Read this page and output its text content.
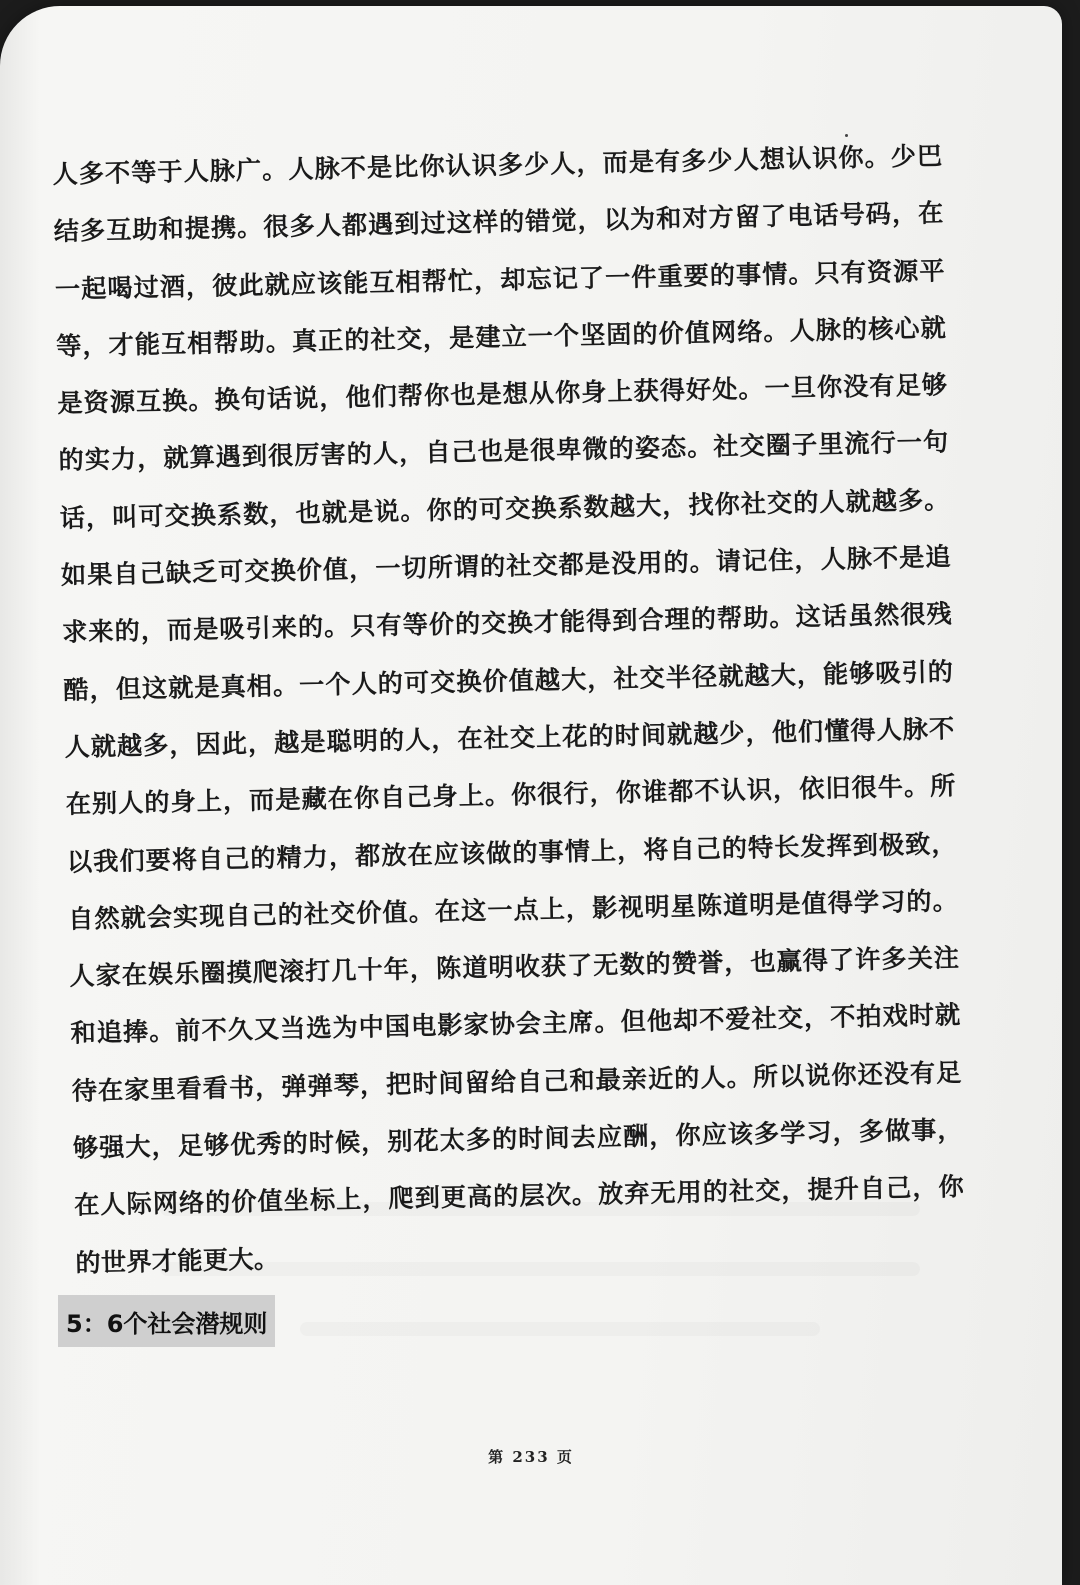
人多不等于人脉广。人脉不是比你认识多少人，而是有多少人想认识你。少巴结多互助和提携。很多人都遇到过这样的错觉，以为和对方留了电话号码，在一起喝过酒，彼此就应该能互相帮忙，却忘记了一件重要的事情。只有资源平等，才能互相帮助。真正的社交，是建立一个坚固的价值网络。人脉的核心就是资源互换。换句话说，他们帮你也是想从你身上获得好处。一旦你没有足够的实力，就算遇到很厉害的人，自己也是很卑微的姿态。社交圈子里流行一句话，叫可交换系数，也就是说。你的可交换系数越大，找你社交的人就越多。如果自己缺乏可交换价值，一切所谓的社交都是没用的。请记住，人脉不是追求来的，而是吸引来的。只有等价的交换才能得到合理的帮助。这话虽然很残酷，但这就是真相。一个人的可交换价值越大，社交半径就越大，能够吸引的人就越多，因此，越是聪明的人，在社交上花的时间就越少，他们懂得人脉不在别人的身上，而是藏在你自己身上。你很行，你谁都不认识，依旧很牛。所以我们要将自己的精力，都放在应该做的事情上，将自己的特长发挥到极致，自然就会实现自己的社交价值。在这一点上，影视明星陈道明是值得学习的。人家在娱乐圈摸爬滚打几十年，陈道明收获了无数的赞誉，也赢得了许多关注和追捧。前不久又当选为中国电影家协会主席。但他却不爱社交，不拍戏时就待在家里看看书，弹弹琴，把时间留给自己和最亲近的人。所以说你还没有足够强大，足够优秀的时候，别花太多的时间去应酬，你应该多学习，多做事，在人际网络的价值坐标上，爬到更高的层次。放弃无用的社交，提升自己，你的世界才能更大。

5：6个社会潜规则
第 233 页
